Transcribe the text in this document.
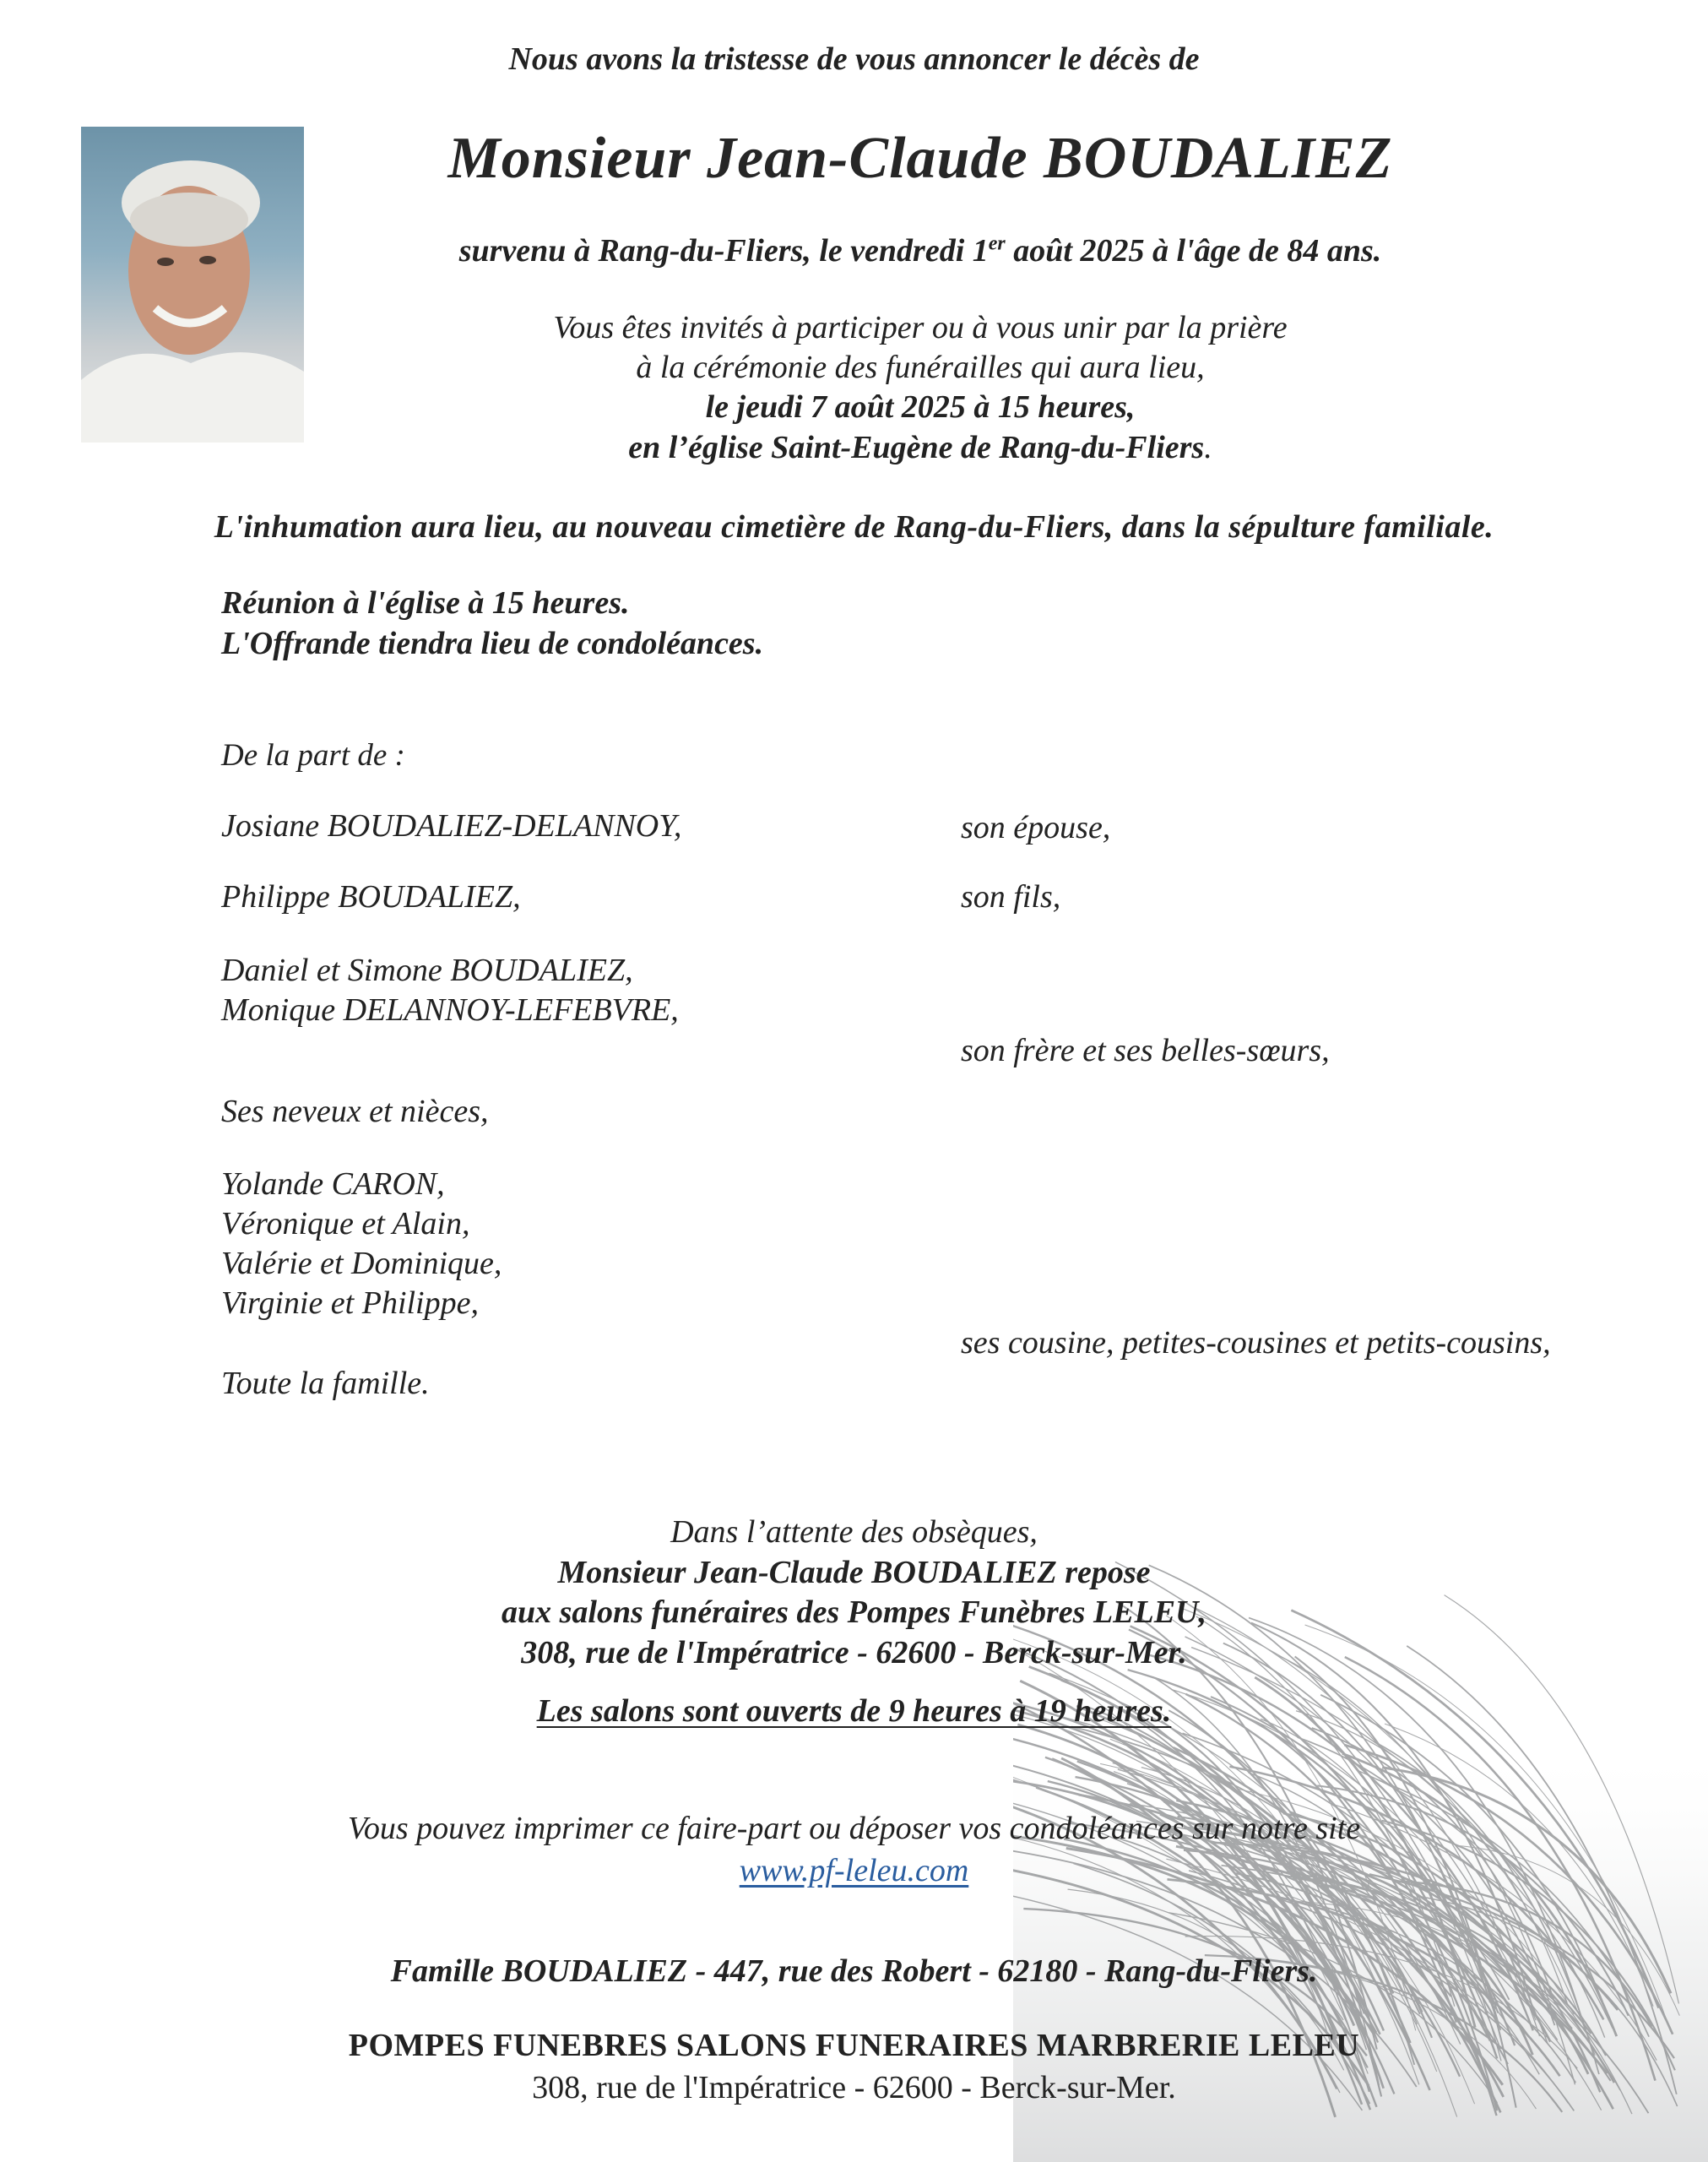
Nous avons la tristesse de vous annoncer le décès de
Monsieur Jean-Claude BOUDALIEZ
survenu à Rang-du-Fliers, le vendredi 1er août 2025 à l'âge de 84 ans.
Vous êtes invités à participer ou à vous unir par la prière
à la cérémonie des funérailles qui aura lieu,
le jeudi 7 août 2025 à 15 heures,
en l’église Saint-Eugène de Rang-du-Fliers.
L'inhumation aura lieu, au nouveau cimetière de Rang-du-Fliers, dans la sépulture familiale.
Réunion à l'église à 15 heures.
L'Offrande tiendra lieu de condoléances.
De la part de :
Josiane BOUDALIEZ-DELANNOY,	son épouse,
Philippe BOUDALIEZ,	son fils,
Daniel et Simone BOUDALIEZ,
Monique DELANNOY-LEFEBVRE,
son frère et ses belles-sœurs,
Ses neveux et nièces,
Yolande CARON,
Véronique et Alain,
Valérie et Dominique,
Virginie et Philippe,
ses cousine, petites-cousines et petits-cousins,
Toute la famille.
Dans l’attente des obsèques,
Monsieur Jean-Claude BOUDALIEZ repose
aux salons funéraires des Pompes Funèbres LELEU,
308, rue de l'Impératrice - 62600 - Berck-sur-Mer.
Les salons sont ouverts de 9 heures à 19 heures.
Vous pouvez imprimer ce faire-part ou déposer vos condoléances sur notre site
www.pf-leleu.com
Famille BOUDALIEZ - 447, rue des Robert - 62180 - Rang-du-Fliers.
POMPES FUNEBRES SALONS FUNERAIRES MARBRERIE LELEU
308, rue de l'Impératrice - 62600 - Berck-sur-Mer.
